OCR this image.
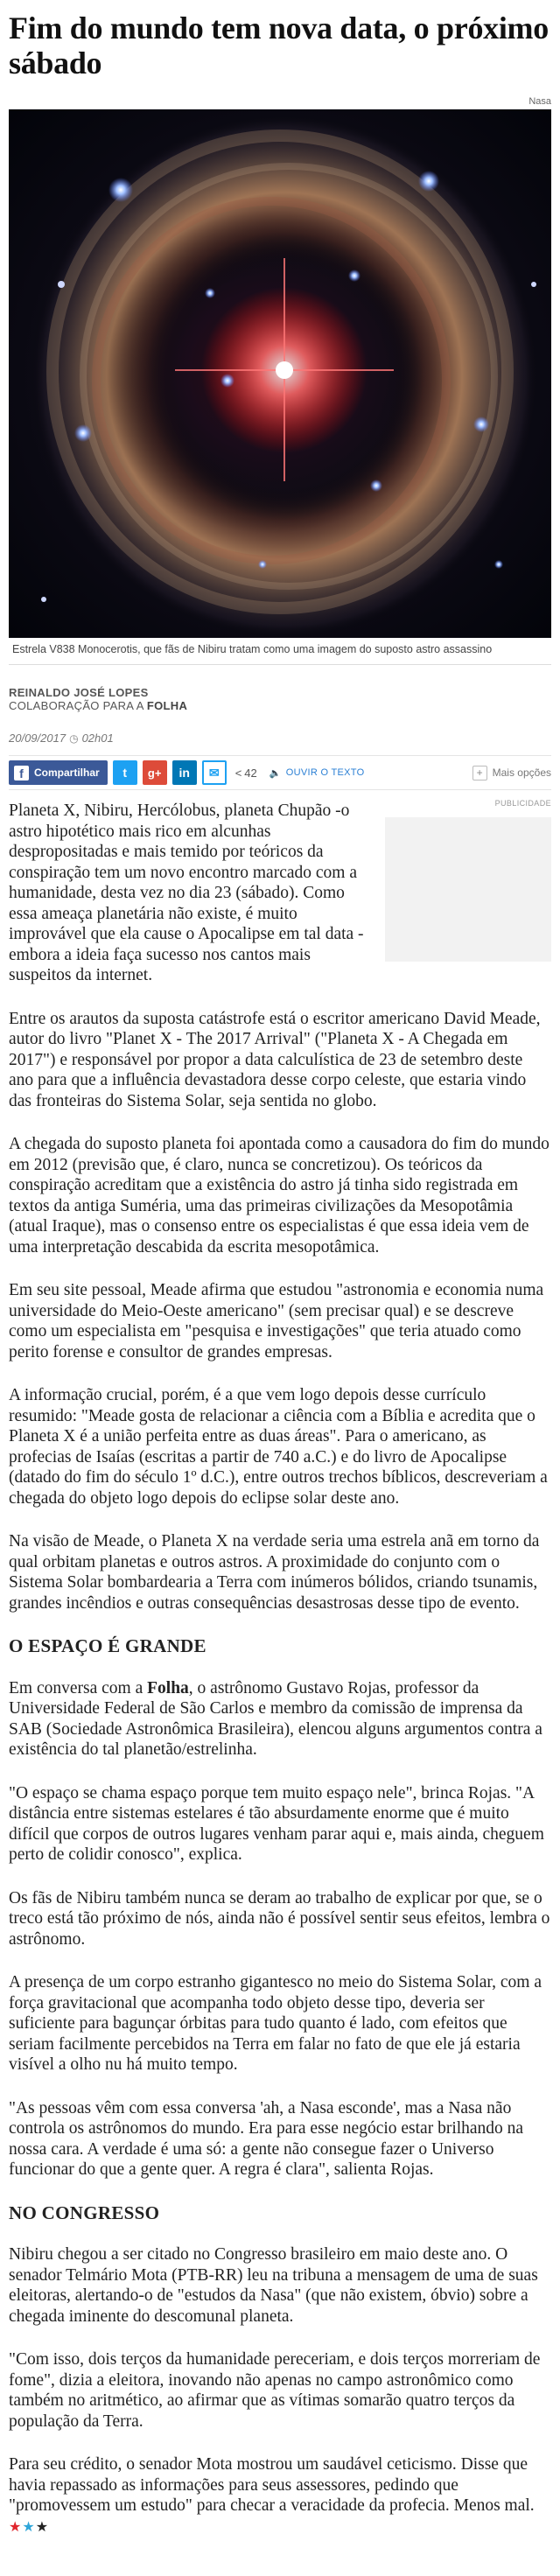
Fim do mundo tem nova data, o próximo sábado
Nasa
Estrela V838 Monocerotis, que fãs de Nibiru tratam como uma imagem do suposto astro assassino
REINALDO JOSÉ LOPES
COLABORAÇÃO PARA A FOLHA
20/09/2017 ◷ 02h01
f	Compartilhar t g+ in ✉ < 42 🔈 OUVIR O TEXTO	+ Mais opções

Planeta X, Nibiru, Hercólobus, planeta Chupão -o astro hipotético mais rico em alcunhas despropositadas e mais temido por teóricos da conspiração tem um novo encontro marcado com a humanidade, desta vez no dia 23 (sábado). Como essa ameaça planetária não existe, é muito improvável que ela cause o Apocalipse em tal data -embora a ideia faça sucesso nos cantos mais suspeitos da internet.

PUBLICIDADE

Entre os arautos da suposta catástrofe está o escritor americano David Meade, autor do livro "Planet X - The 2017 Arrival" ("Planeta X - A Chegada em 2017") e responsável por propor a data calculística de 23 de setembro deste ano para que a influência devastadora desse corpo celeste, que estaria vindo das fronteiras do Sistema Solar, seja sentida no globo.

A chegada do suposto planeta foi apontada como a causadora do fim do mundo em 2012 (previsão que, é claro, nunca se concretizou). Os teóricos da conspiração acreditam que a existência do astro já tinha sido registrada em textos da antiga Suméria, uma das primeiras civilizações da Mesopotâmia (atual Iraque), mas o consenso entre os especialistas é que essa ideia vem de uma interpretação descabida da escrita mesopotâmica.

Em seu site pessoal, Meade afirma que estudou "astronomia e economia numa universidade do Meio-Oeste americano" (sem precisar qual) e se descreve como um especialista em "pesquisa e investigações" que teria atuado como perito forense e consultor de grandes empresas.

A informação crucial, porém, é a que vem logo depois desse currículo resumido: "Meade gosta de relacionar a ciência com a Bíblia e acredita que o Planeta X é a união perfeita entre as duas áreas". Para o americano, as profecias de Isaías (escritas a partir de 740 a.C.) e do livro de Apocalipse (datado do fim do século 1º d.C.), entre outros trechos bíblicos, descreveriam a chegada do objeto logo depois do eclipse solar deste ano.

Na visão de Meade, o Planeta X na verdade seria uma estrela anã em torno da qual orbitam planetas e outros astros. A proximidade do conjunto com o Sistema Solar bombardearia a Terra com inúmeros bólidos, criando tsunamis, grandes incêndios e outras consequências desastrosas desse tipo de evento.

O ESPAÇO É GRANDE

Em conversa com a Folha, o astrônomo Gustavo Rojas, professor da Universidade Federal de São Carlos e membro da comissão de imprensa da SAB (Sociedade Astronômica Brasileira), elencou alguns argumentos contra a existência do tal planetão/estrelinha.

"O espaço se chama espaço porque tem muito espaço nele", brinca Rojas. "A distância entre sistemas estelares é tão absurdamente enorme que é muito difícil que corpos de outros lugares venham parar aqui e, mais ainda, cheguem perto de colidir conosco", explica.

Os fãs de Nibiru também nunca se deram ao trabalho de explicar por que, se o treco está tão próximo de nós, ainda não é possível sentir seus efeitos, lembra o astrônomo.

A presença de um corpo estranho gigantesco no meio do Sistema Solar, com a força gravitacional que acompanha todo objeto desse tipo, deveria ser suficiente para bagunçar órbitas para tudo quanto é lado, com efeitos que seriam facilmente percebidos na Terra em falar no fato de que ele já estaria visível a olho nu há muito tempo.

"As pessoas vêm com essa conversa 'ah, a Nasa esconde', mas a Nasa não controla os astrônomos do mundo. Era para esse negócio estar brilhando na nossa cara. A verdade é uma só: a gente não consegue fazer o Universo funcionar do que a gente quer. A regra é clara", salienta Rojas.

NO CONGRESSO

Nibiru chegou a ser citado no Congresso brasileiro em maio deste ano. O senador Telmário Mota (PTB-RR) leu na tribuna a mensagem de uma de suas eleitoras, alertando-o de "estudos da Nasa" (que não existem, óbvio) sobre a chegada iminente do descomunal planeta.

"Com isso, dois terços da humanidade pereceriam, e dois terços morreriam de fome", dizia a eleitora, inovando não apenas no campo astronômico como também no aritmético, ao afirmar que as vítimas somarão quatro terços da população da Terra.

Para seu crédito, o senador Mota mostrou um saudável ceticismo. Disse que havia repassado as informações para seus assessores, pedindo que "promovessem um estudo" para checar a veracidade da profecia. Menos mal. ★★★
